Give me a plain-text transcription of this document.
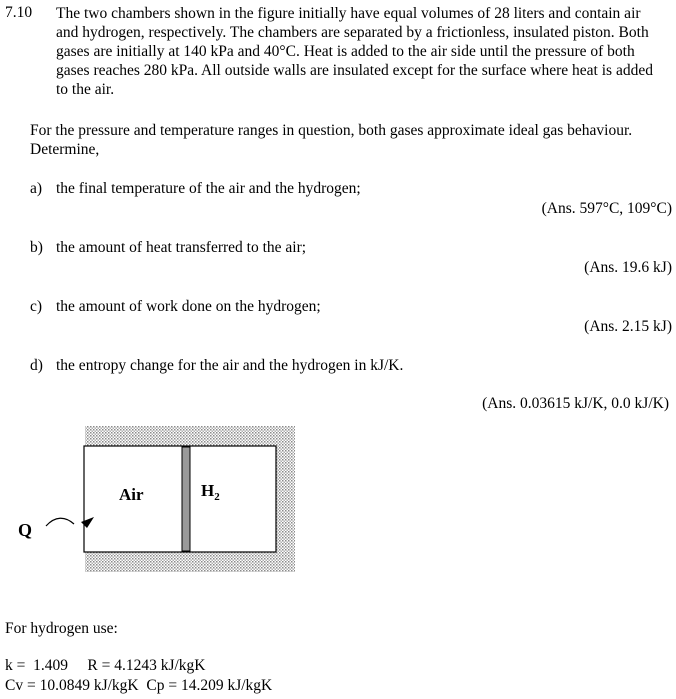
7.10 The two chambers shown in the figure initially have equal volumes of 28 liters and contain air and hydrogen, respectively. The chambers are separated by a frictionless, insulated piston. Both gases are initially at 140 kPa and 40°C. Heat is added to the air side until the pressure of both gases reaches 280 kPa. All outside walls are insulated except for the surface where heat is added to the air.
For the pressure and temperature ranges in question, both gases approximate ideal gas behaviour. Determine,
a) the final temperature of the air and the hydrogen;
(Ans. 597°C, 109°C)
b) the amount of heat transferred to the air;
(Ans. 19.6 kJ)
c) the amount of work done on the hydrogen;
(Ans. 2.15 kJ)
d) the entropy change for the air and the hydrogen in kJ/K.
(Ans. 0.03615 kJ/K, 0.0 kJ/K)
Air	$H_2$
Q
For hydrogen use:
k =  1.409     R = 4.1243 kJ/kgK
Cv = 10.0849 kJ/kgK  Cp = 14.209 kJ/kgK
